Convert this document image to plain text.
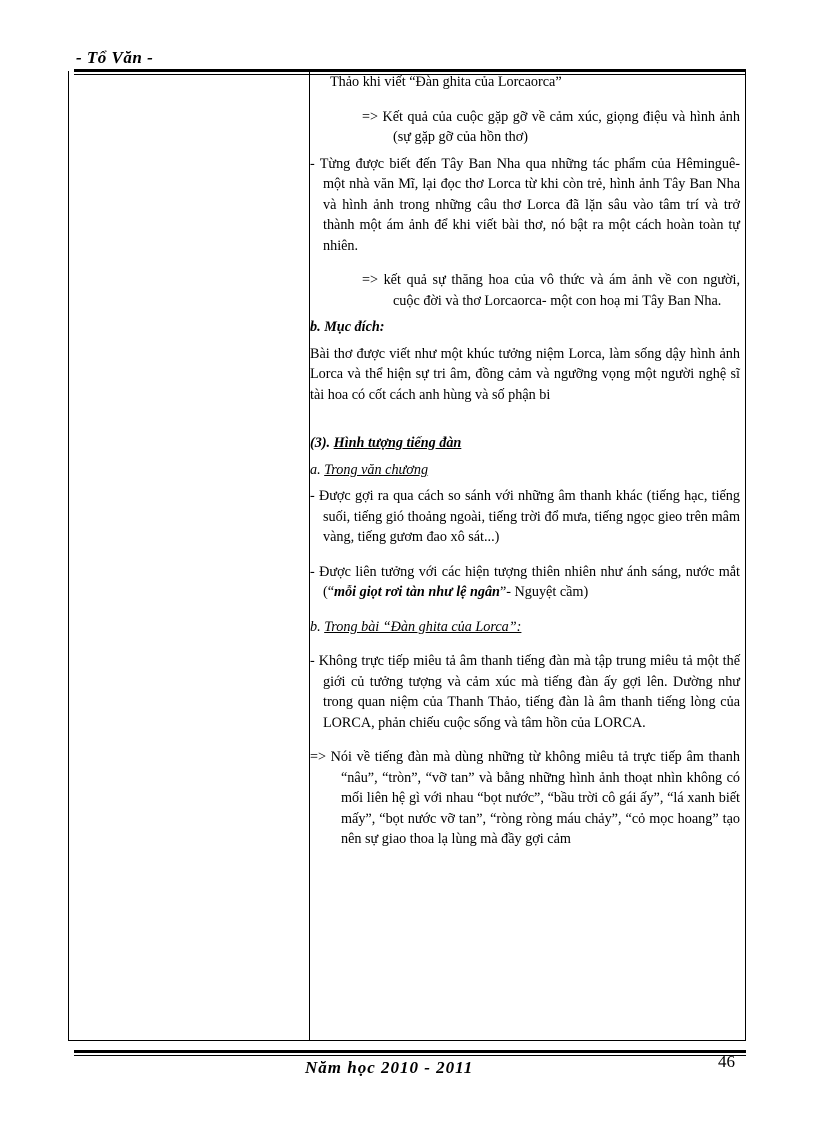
- Tổ Văn -

Thảo khi viết “Đàn ghita của Lorcaorca”

=> Kết quả của cuộc gặp gỡ về cảm xúc, giọng điệu và hình ảnh (sự gặp gỡ của hồn thơ)

- Từng được biết đến Tây Ban Nha qua những tác phẩm của Hêminguê- một nhà văn Mĩ, lại đọc thơ Lorca từ khi còn trẻ, hình ảnh Tây Ban Nha và hình ảnh trong những câu thơ Lorca đã lặn sâu vào tâm trí và trở thành một ám ảnh để khi viết bài thơ, nó bật ra một cách hoàn toàn tự nhiên.

=> kết quả sự thăng hoa của vô thức và ám ảnh về con người, cuộc đời và thơ Lorcaorca- một con hoạ mi Tây Ban Nha.

b. Mục đích:

Bài thơ được viết như một khúc tưởng niệm Lorca, làm sống dậy hình ảnh Lorca và thể hiện sự tri âm, đồng cảm và ngưỡng vọng một người nghệ sĩ tài hoa có cốt cách anh hùng và số phận bi

(3). Hình tượng tiếng đàn

a. Trong văn chương

- Được gợi ra qua cách so sánh với những âm thanh khác (tiếng hạc, tiếng suối, tiếng gió thoảng ngoài, tiếng trời đổ mưa, tiếng ngọc gieo trên mâm vàng, tiếng gươm đao xô sát...)

- Được liên tưởng với các hiện tượng thiên nhiên như ánh sáng, nước mắt (“mỗi giọt rơi tàn như lệ ngân”- Nguyệt cầm)

b. Trong bài “Đàn ghita của Lorca”:

- Không trực tiếp miêu tả âm thanh tiếng đàn mà tập trung miêu tả một thế giới củ tưởng tượng và cảm xúc mà tiếng đàn ấy gợi lên. Dường như trong quan niệm của Thanh Thảo, tiếng đàn là âm thanh tiếng lòng của LORCA, phản chiếu cuộc sống và tâm hồn của LORCA.

=> Nói về tiếng đàn mà dùng những từ không miêu tả trực tiếp âm thanh “nâu”, “tròn”, “vỡ tan” và bằng những hình ảnh thoạt nhìn không có mối liên hệ gì với nhau “bọt nước”, “bầu trời cô gái ấy”, “lá xanh biết mấy”, “bọt nước vỡ tan”, “ròng ròng máu chảy”, “cỏ mọc hoang” tạo nên sự giao thoa lạ lùng mà đầy gợi cảm

Năm học 2010 - 2011	46
